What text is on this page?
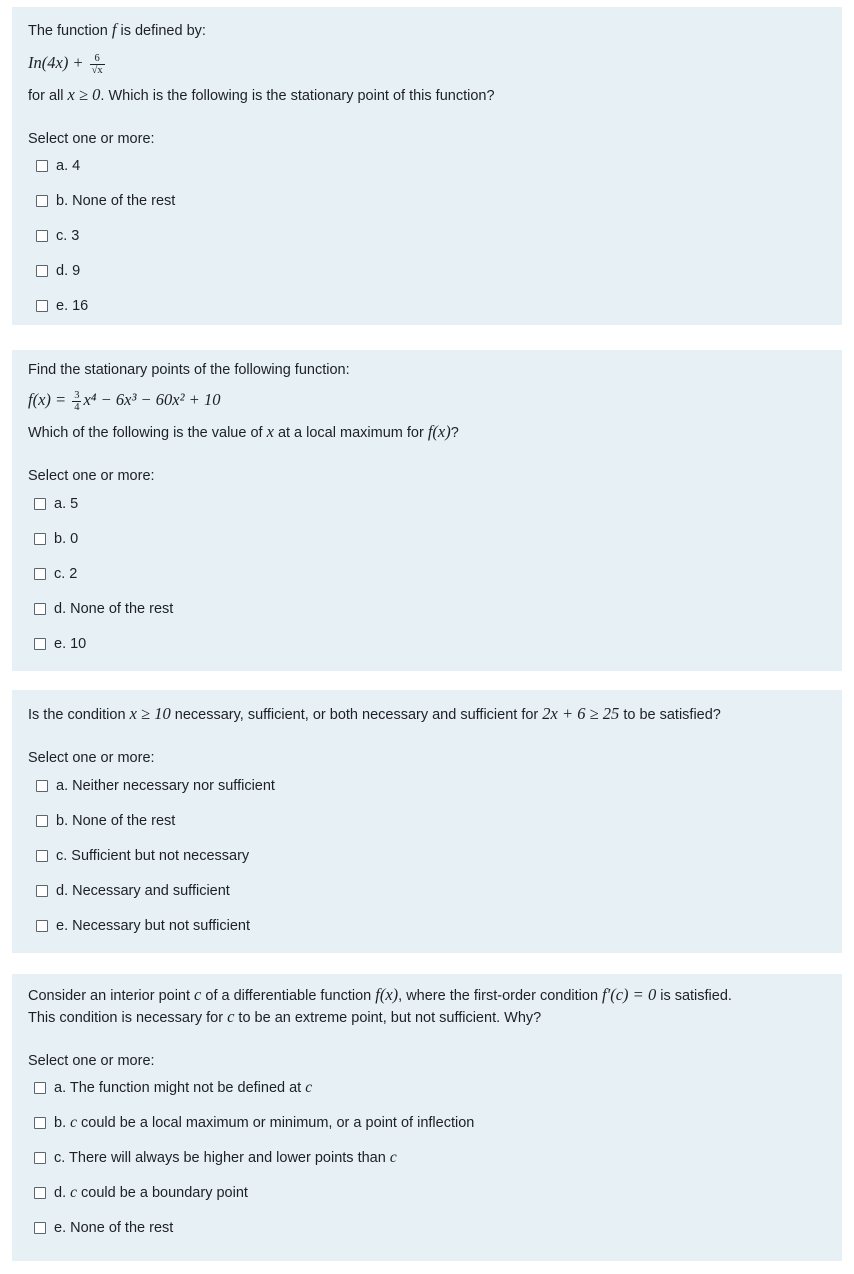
The function f is defined by:
$In(4x) + \frac{6}{√x}$
for all x ≥ 0. Which is the following is the stationary point of this function?
Select one or more:
a. 4
b. None of the rest
c. 3
d. 9
e. 16
Find the stationary points of the following function:
$f(x) = \frac{3}{4} x^4 - 6x^3 - 60x^2 + 10$
Which of the following is the value of x at a local maximum for f(x)?
Select one or more:
a. 5
b. 0
c. 2
d. None of the rest
e. 10
Is the condition x ≥ 10 necessary, sufficient, or both necessary and sufficient for 2x + 6 ≥ 25 to be satisfied?
Select one or more:
a. Neither necessary nor sufficient
b. None of the rest
c. Sufficient but not necessary
d. Necessary and sufficient
e. Necessary but not sufficient
Consider an interior point c of a differentiable function f(x), where the first-order condition f′(c) = 0 is satisfied.
This condition is necessary for c to be an extreme point, but not sufficient. Why?
Select one or more:
a. The function might not be defined at c
b. c could be a local maximum or minimum, or a point of inflection
c. There will always be higher and lower points than c
d. c could be a boundary point
e. None of the rest
